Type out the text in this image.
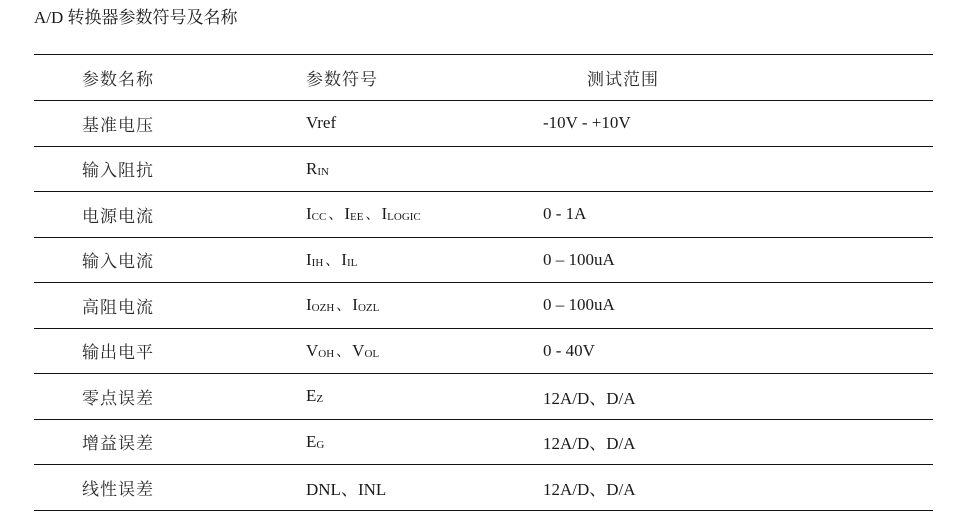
A/D 转换器参数符号及名称
参数名称	参数符号	测试范围
基准电压	Vref	-10V - +10V
输入阻抗	RIN	
电源电流	ICC 、 IEE 、 ILOGIC	0 - 1A
输入电流	IIH 、 IIL	0 – 100uA
高阻电流	IOZH 、 IOZL	0 – 100uA
输出电平	VOH 、 VOL	0 - 40V
零点误差	EZ	12A/D、D/A
增益误差	EG	12A/D、D/A
线性误差	DNL、INL	12A/D、D/A
